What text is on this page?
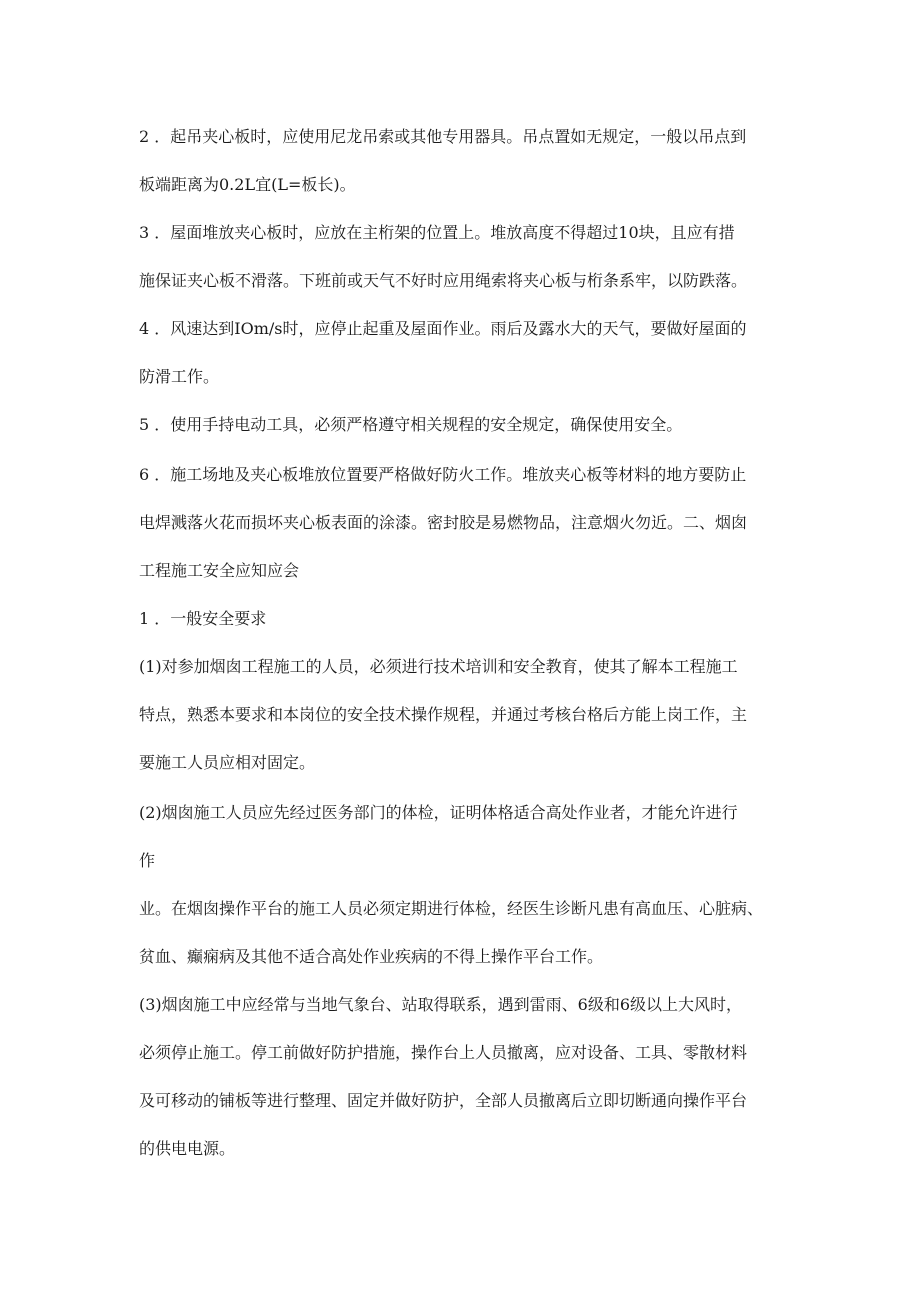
2 ．起吊夹心板时，应使用尼龙吊索或其他专用器具。吊点置如无规定，一般以吊点到

板端距离为0.2L宜(L=板长)。

3 ．屋面堆放夹心板时，应放在主桁架的位置上。堆放高度不得超过10块，且应有措

施保证夹心板不滑落。下班前或天气不好时应用绳索将夹心板与桁条系牢，以防跌落。

4 ．风速达到IOm/s时，应停止起重及屋面作业。雨后及露水大的天气，要做好屋面的

防滑工作。

5 ．使用手持电动工具，必须严格遵守相关规程的安全规定，确保使用安全。

6 ．施工场地及夹心板堆放位置要严格做好防火工作。堆放夹心板等材料的地方要防止

电焊溅落火花而损坏夹心板表面的涂漆。密封胶是易燃物品，注意烟火勿近。二、烟囱

工程施工安全应知应会

1 ．一般安全要求

(1)对参加烟囱工程施工的人员，必须进行技术培训和安全教育，使其了解本工程施工

特点，熟悉本要求和本岗位的安全技术操作规程，并通过考核台格后方能上岗工作，主

要施工人员应相对固定。

(2)烟囱施工人员应先经过医务部门的体检，证明体格适合高处作业者，才能允许进行

作

业。在烟囱操作平台的施工人员必须定期进行体检，经医生诊断凡患有高血压、心脏病、

贫血、癫痫病及其他不适合高处作业疾病的不得上操作平台工作。

(3)烟囱施工中应经常与当地气象台、站取得联系，遇到雷雨、6级和6级以上大风时，

必须停止施工。停工前做好防护措施，操作台上人员撤离，应对设备、工具、零散材料

及可移动的铺板等进行整理、固定并做好防护，全部人员撤离后立即切断通向操作平台

的供电电源。
